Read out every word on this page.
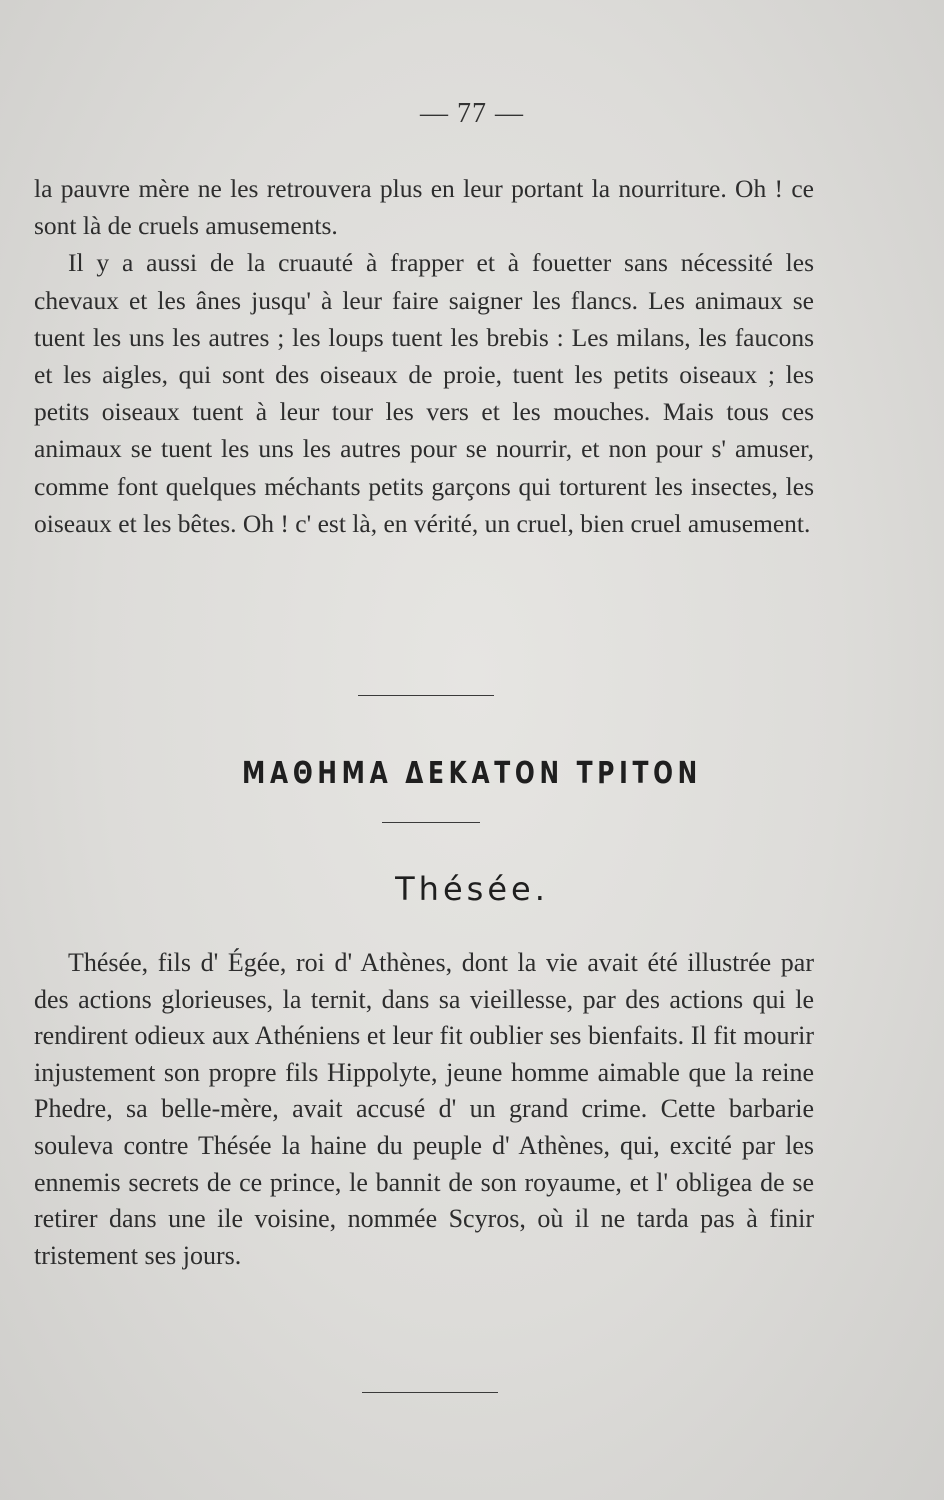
— 77 —

la pauvre mère ne les retrouvera plus en leur portant la nourriture. Oh ! ce sont là de cruels amusements.

Il y a aussi de la cruauté à frapper et à fouetter sans nécessité les chevaux et les ânes jusqu' à leur faire saigner les flancs. Les animaux se tuent les uns les autres ; les loups tuent les brebis : Les milans, les faucons et les aigles, qui sont des oiseaux de proie, tuent les petits oiseaux ; les petits oiseaux tuent à leur tour les vers et les mouches. Mais tous ces animaux se tuent les uns les autres pour se nourrir, et non pour s' amuser, comme font quelques méchants petits garçons qui torturent les insectes, les oiseaux et les bêtes. Oh ! c' est là, en vérité, un cruel, bien cruel amusement.

ΜΑΘΗΜΑ ΔΕΚΑΤΟΝ ΤΡΙΤΟΝ
Thésée.

Thésée, fils d' Égée, roi d' Athènes, dont la vie avait été illustrée par des actions glorieuses, la ternit, dans sa vieillesse, par des actions qui le rendirent odieux aux Athéniens et leur fit oublier ses bienfaits. Il fit mourir injustement son propre fils Hippolyte, jeune homme aimable que la reine Phedre, sa belle-mère, avait accusé d' un grand crime. Cette barbarie souleva contre Thésée la haine du peuple d' Athènes, qui, excité par les ennemis secrets de ce prince, le bannit de son royaume, et l' obligea de se retirer dans une ile voisine, nommée Scyros, où il ne tarda pas à finir tristement ses jours.
